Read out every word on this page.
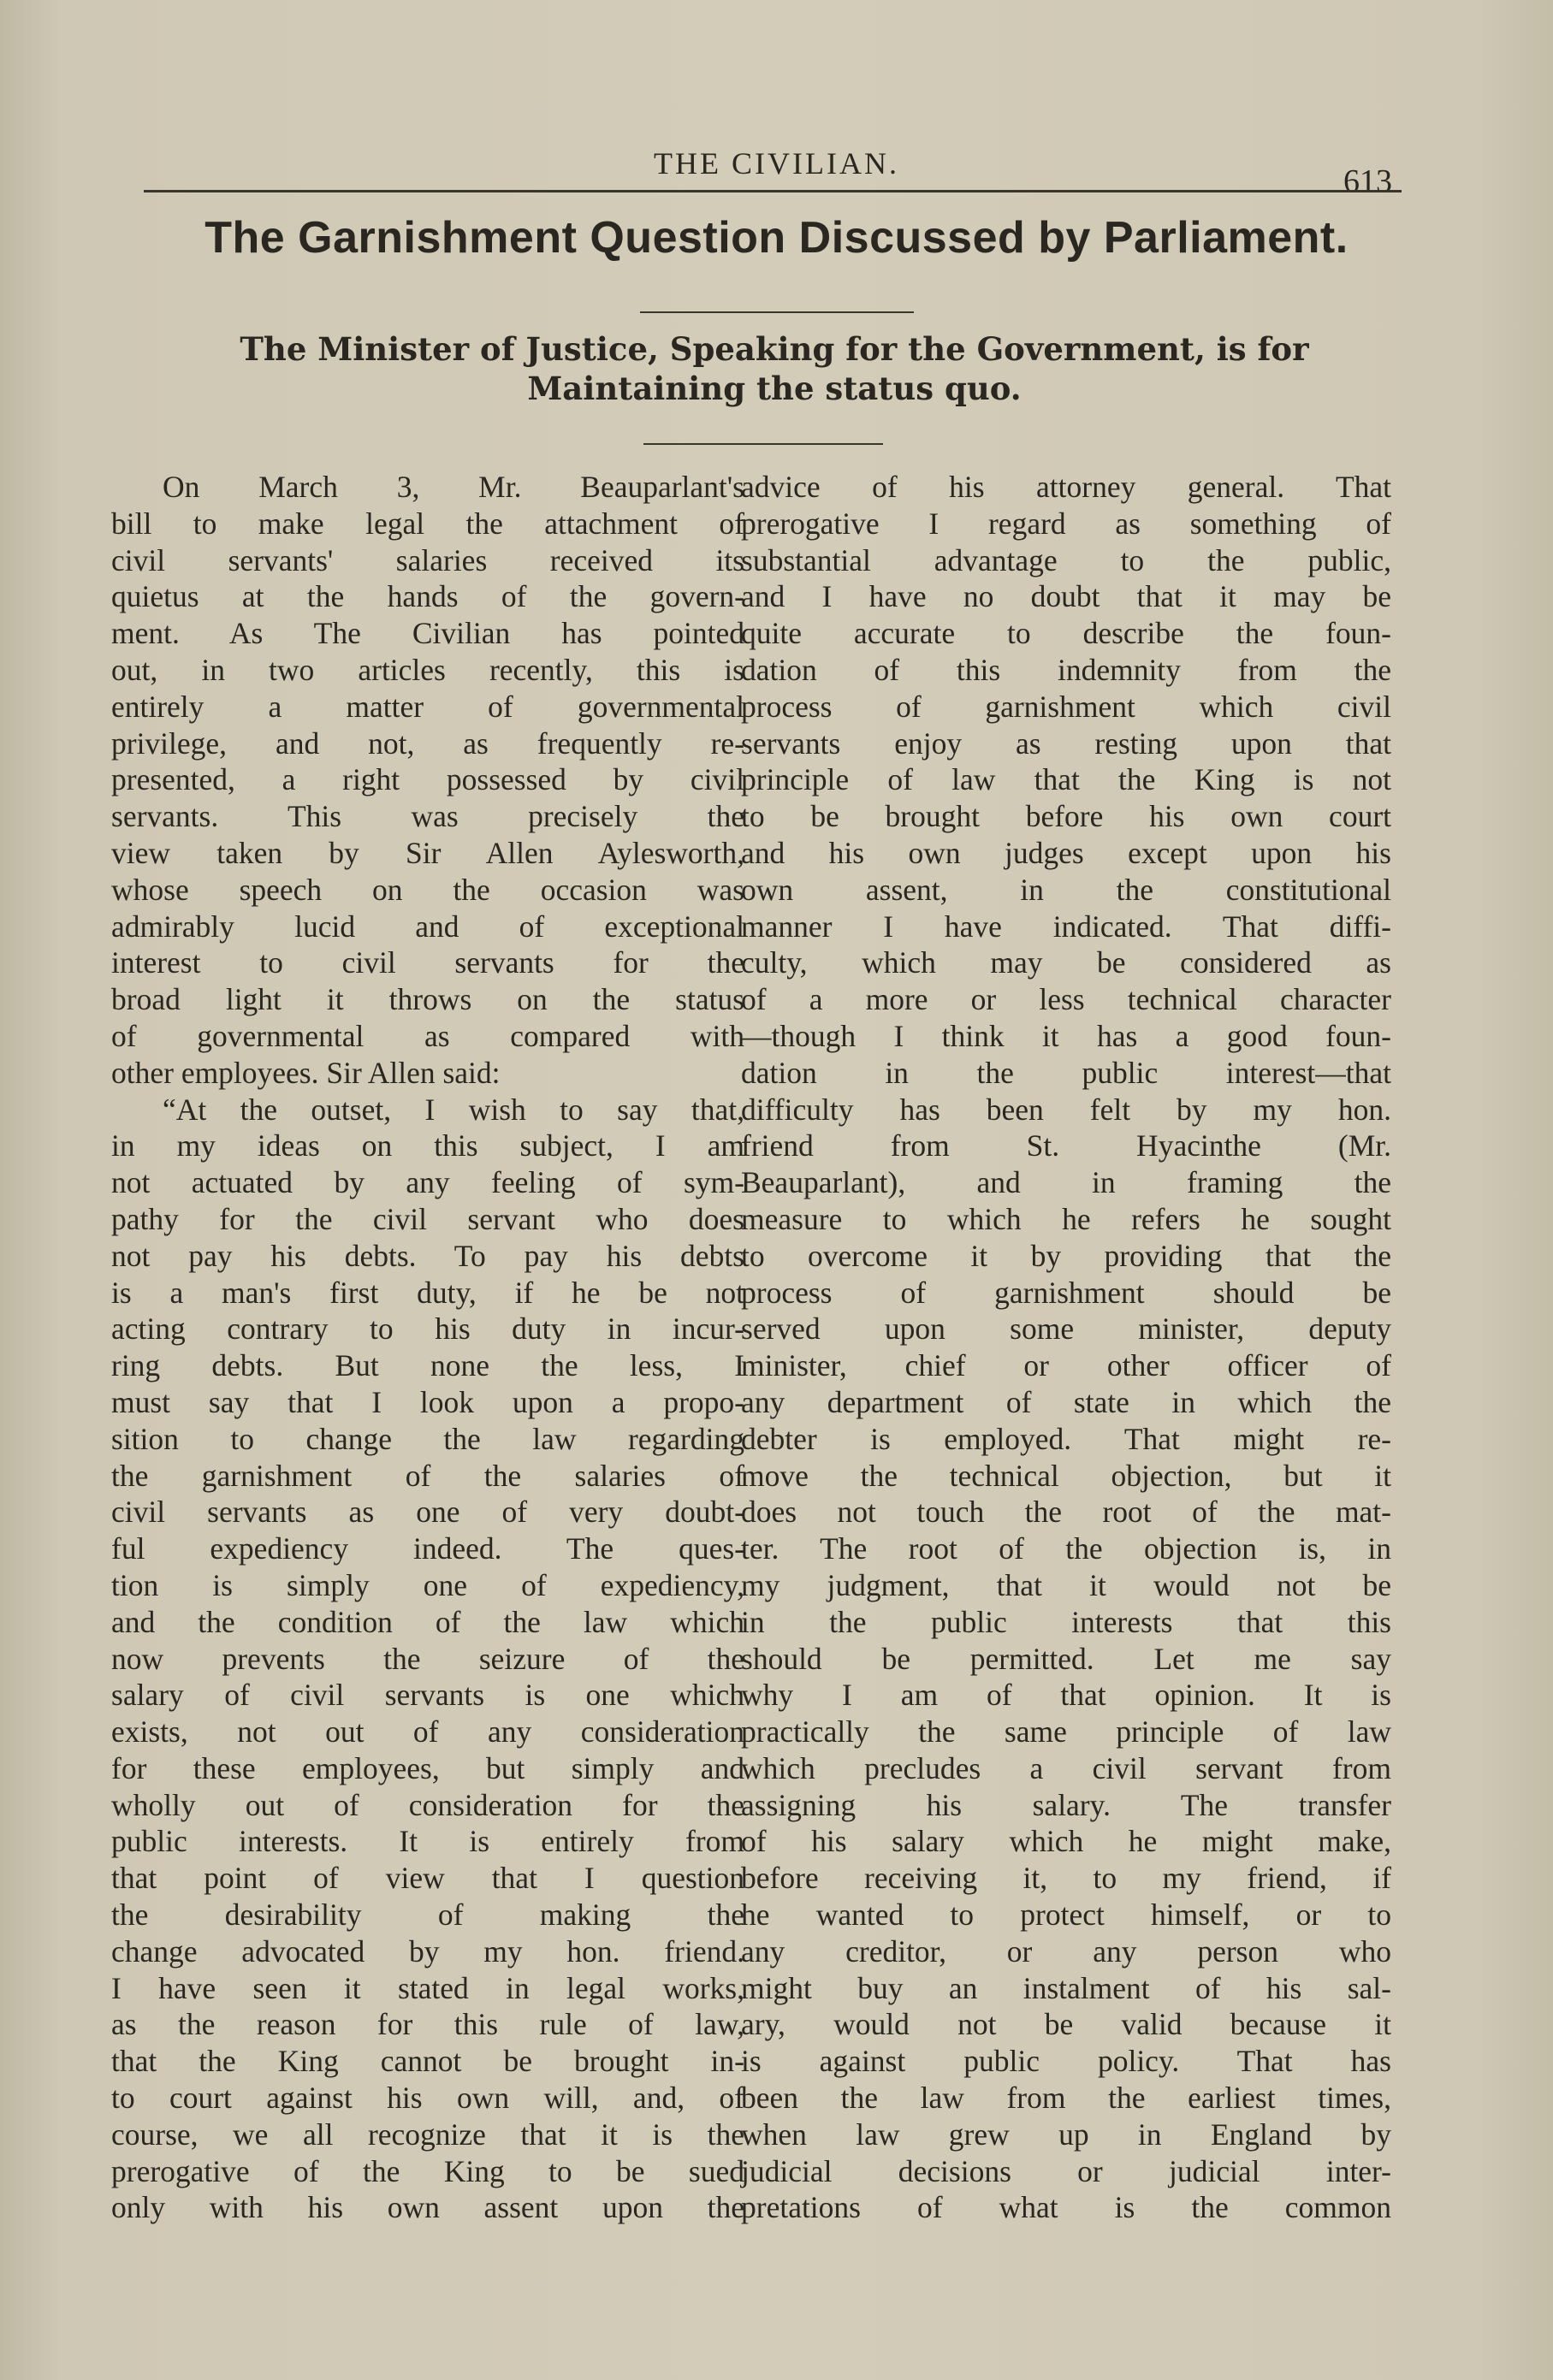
THE CIVILIAN.	613
The Garnishment Question Discussed by Parliament.
The Minister of Justice, Speaking for the Government, is for Maintaining the status quo.
On March 3, Mr. Beauparlant's
bill to make legal the attachment of
civil servants' salaries received its
quietus at the hands of the govern-
ment. As The Civilian has pointed
out, in two articles recently, this is
entirely a matter of governmental
privilege, and not, as frequently re-
presented, a right possessed by civil
servants. This was precisely the
view taken by Sir Allen Aylesworth,
whose speech on the occasion was
admirably lucid and of exceptional
interest to civil servants for the
broad light it throws on the status
of governmental as compared with
other employees. Sir Allen said:
“At the outset, I wish to say that,
in my ideas on this subject, I am
not actuated by any feeling of sym-
pathy for the civil servant who does
not pay his debts. To pay his debts
is a man's first duty, if he be not
acting contrary to his duty in incur-
ring debts. But none the less, I
must say that I look upon a propo-
sition to change the law regarding
the garnishment of the salaries of
civil servants as one of very doubt-
ful expediency indeed. The ques-
tion is simply one of expediency,
and the condition of the law which
now prevents the seizure of the
salary of civil servants is one which
exists, not out of any consideration
for these employees, but simply and
wholly out of consideration for the
public interests. It is entirely from
that point of view that I question
the desirability of making the
change advocated by my hon. friend.
I have seen it stated in legal works,
as the reason for this rule of law,
that the King cannot be brought in-
to court against his own will, and, of
course, we all recognize that it is the
prerogative of the King to be sued
only with his own assent upon the
advice of his attorney general. That
prerogative I regard as something of
substantial advantage to the public,
and I have no doubt that it may be
quite accurate to describe the foun-
dation of this indemnity from the
process of garnishment which civil
servants enjoy as resting upon that
principle of law that the King is not
to be brought before his own court
and his own judges except upon his
own assent, in the constitutional
manner I have indicated. That diffi-
culty, which may be considered as
of a more or less technical character
—though I think it has a good foun-
dation in the public interest—that
difficulty has been felt by my hon.
friend from St. Hyacinthe (Mr.
Beauparlant), and in framing the
measure to which he refers he sought
to overcome it by providing that the
process of garnishment should be
served upon some minister, deputy
minister, chief or other officer of
any department of state in which the
debter is employed. That might re-
move the technical objection, but it
does not touch the root of the mat-
ter. The root of the objection is, in
my judgment, that it would not be
in the public interests that this
should be permitted. Let me say
why I am of that opinion. It is
practically the same principle of law
which precludes a civil servant from
assigning his salary. The transfer
of his salary which he might make,
before receiving it, to my friend, if
he wanted to protect himself, or to
any creditor, or any person who
might buy an instalment of his sal-
ary, would not be valid because it
is against public policy. That has
been the law from the earliest times,
when law grew up in England by
judicial decisions or judicial inter-
pretations of what is the common
